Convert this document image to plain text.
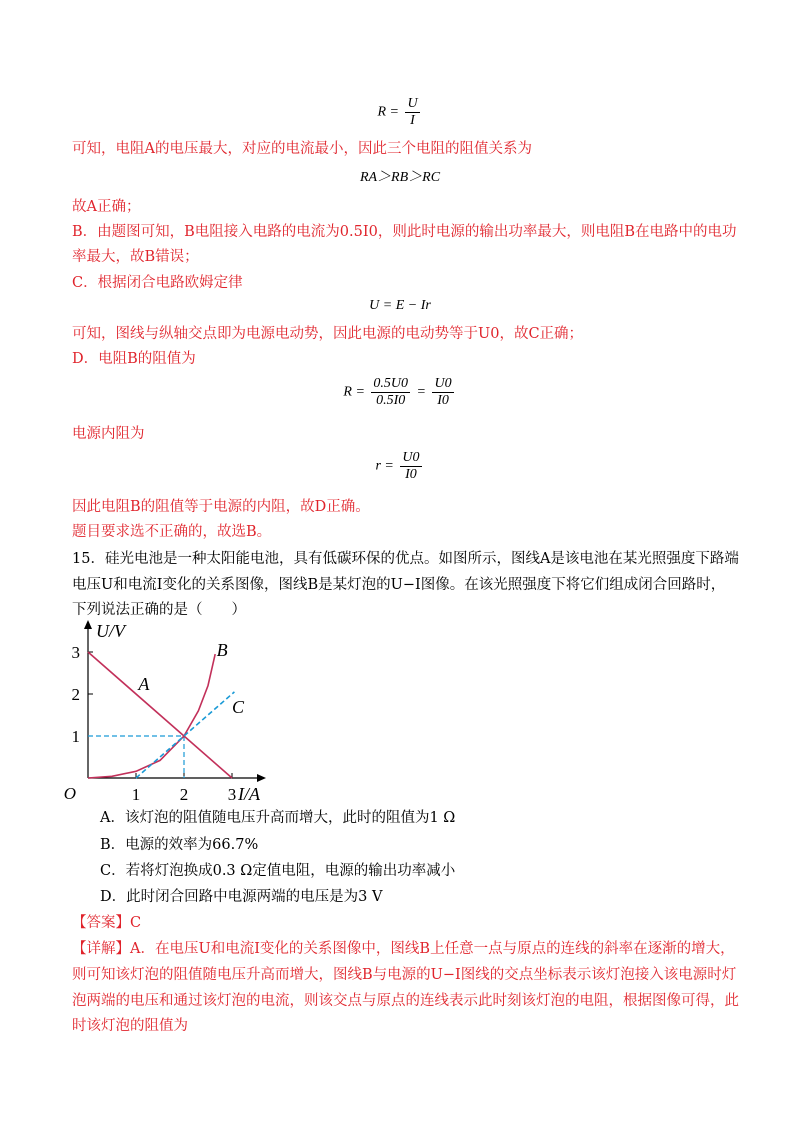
$R = \frac{U}{I}$
可知，电阻A的电压最大，对应的电流最小，因此三个电阻的阻值关系为
RA＞RB＞RC
故A正确；
B．由题图可知，B电阻接入电路的电流为0.5I0，则此时电源的输出功率最大，则电阻B在电路中的电功
率最大，故B错误；
C．根据闭合电路欧姆定律
U = E − Ir
可知，图线与纵轴交点即为电源电动势，因此电源的电动势等于U0，故C正确；
D．电阻B的阻值为
$R = \frac{0.5U0}{0.5I0} = \frac{U0}{I0}$
电源内阻为
$r = \frac{U0}{I0}$
因此电阻B的阻值等于电源的内阻，故D正确。
题目要求选不正确的，故选B。
15．硅光电池是一种太阳能电池，具有低碳环保的优点。如图所示，图线A是该电池在某光照强度下路端
电压U和电流I变化的关系图像，图线B是某灯泡的U−I图像。在该光照强度下将它们组成闭合回路时，
下列说法正确的是（　　）
1 2 3
1
2
3
O
U/V
I/A
A
B
C
A．该灯泡的阻值随电压升高而增大，此时的阻值为1 Ω
B．电源的效率为66.7%
C．若将灯泡换成0.3 Ω定值电阻，电源的输出功率减小
D．此时闭合回路中电源两端的电压是为3 V
【答案】C
【详解】A．在电压U和电流I变化的关系图像中，图线B上任意一点与原点的连线的斜率在逐渐的增大，
则可知该灯泡的阻值随电压升高而增大，图线B与电源的U−I图线的交点坐标表示该灯泡接入该电源时灯
泡两端的电压和通过该灯泡的电流，则该交点与原点的连线表示此时刻该灯泡的电阻，根据图像可得，此
时该灯泡的阻值为
